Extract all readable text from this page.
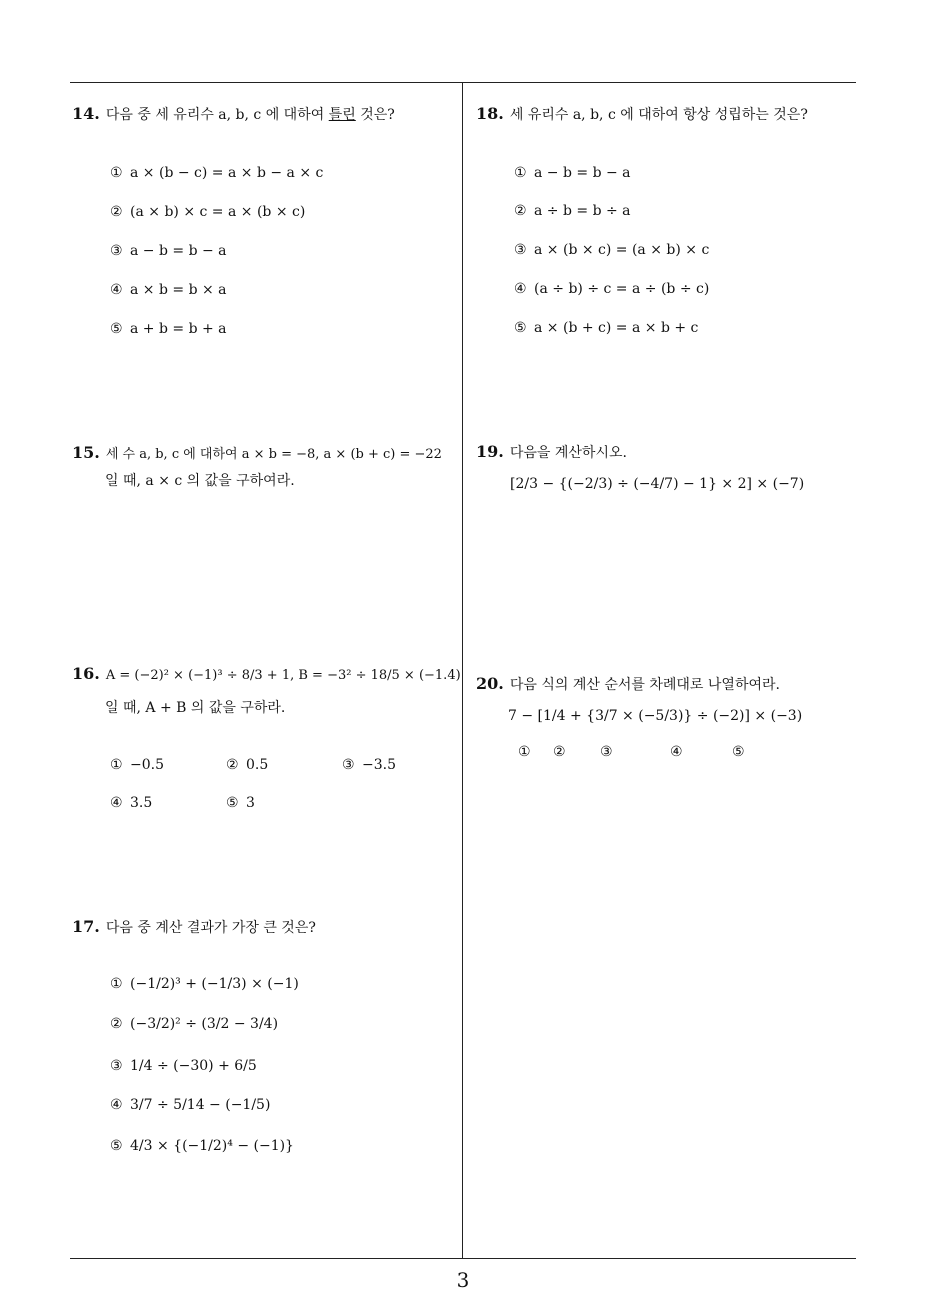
14. 다음 중 세 유리수 a, b, c 에 대하여 틀린 것은?
① a × (b − c) = a × b − a × c
② (a × b) × c = a × (b × c)
③ a − b = b − a
④ a × b = b × a
⑤ a + b = b + a
15. 세 수 a, b, c 에 대하여 a × b = −8, a × (b + c) = −22
일 때, a × c 의 값을 구하여라.
16. A = (−2)² × (−1)³ ÷ 8/3 + 1, B = −3² ÷ 18/5 × (−1.4)
일 때, A + B 의 값을 구하라.
① −0.5	② 0.5	③ −3.5
④ 3.5	⑤ 3
17. 다음 중 계산 결과가 가장 큰 것은?
① (−1/2)³ + (−1/3) × (−1)
② (−3/2)² ÷ (3/2 − 3/4)
③ 1/4 ÷ (−30) + 6/5
④ 3/7 ÷ 5/14 − (−1/5)
⑤ 4/3 × {(−1/2)⁴ − (−1)}
18. 세 유리수 a, b, c 에 대하여 항상 성립하는 것은?
① a − b = b − a
② a ÷ b = b ÷ a
③ a × (b × c) = (a × b) × c
④ (a ÷ b) ÷ c = a ÷ (b ÷ c)
⑤ a × (b + c) = a × b + c
19. 다음을 계산하시오.
[2/3 − {(−2/3) ÷ (−4/7) − 1} × 2] × (−7)
20. 다음 식의 계산 순서를 차례대로 나열하여라.
7 − [1/4 + {3/7 × (−5/3)} ÷ (−2)] × (−3)
① ② ③	④	⑤
3
